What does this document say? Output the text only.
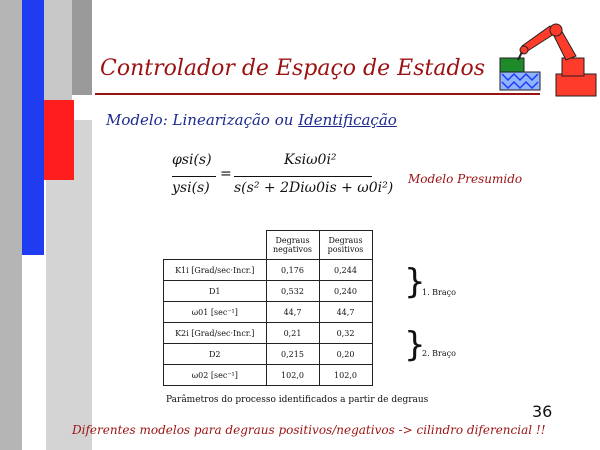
Controlador de Espaço de Estados
Modelo: Linearização ou Identificação
φsi(s)
ysi(s)
=
Ksiω0i²
s(s² + 2Diω0is + ω0i²)
Modelo Presumido
	Degraus negativos	Degraus positivos
K1i [Grad/sec·Incr.]	0,176	0,244
D1	0,532	0,240
ω01 [sec⁻¹]	44,7	44,7
K2i [Grad/sec·Incr.]	0,21	0,32
D2	0,215	0,20
ω02 [sec⁻¹]	102,0	102,0
}
1. Braço
}
2. Braço
Parâmetros do processo identificados a partir de degraus
36
Diferentes modelos para degraus positivos/negativos -> cilindro diferencial !!
